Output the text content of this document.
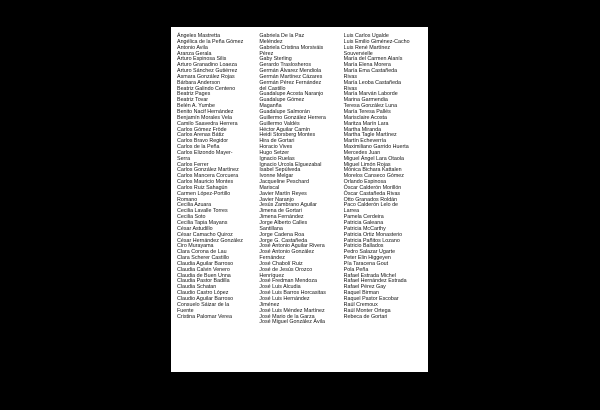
Ángeles Mastretta
Angélica de la Peña Gómez
Antonio Avila
Aranza Gerala
Arturo Espinosa Silis
Arturo Granadino Loaeza
Arturo Sánchez Gutiérrez
Asmara González Rojas
Bárbara Anderson
Beatriz Galindo Centeno
Beatriz Pages
Beatriz Tovar
Belén A. Yumbe
Benito Nacif Hernández
Benjamín Morales Vela
Camilo Saavedra Herrera
Carlos Gómez Fröde
Carlos Arenas Bátiz
Carlos Bravo Regidor
Carlos de la Peña
Carlos Elizondo Mayer-
Serra
Carlos Ferrer
Carlos González Martínez
Carlos Mancera Corcuera
Carlos Mauricio Montes
Carlos Ruiz Sahagún
Carmen López-Portillo
Romano
Cecilia Azuara
Cecilia Lavalle Torres
Cecilia Soto
Cecilia Tapia Mayans
César Astudillo
César Camacho Quiroz
César Hernández González
Ciro Murayama
Clara Corona de Lau
Clara Scherer Castillo
Claudia Aguilar Barroso
Claudia Calvin Venero
Claudia de Buen Unna
Claudia Pastor Badilla
Claudia Schatan
Claudio Castro López
Claudio Aguilar Barroso
Consuelo Sáizar de la
Fuente
Cristina Palomar Verea
Gabriela De la Paz
Meléndez
Gabriela Cristina Morsiváis
Pérez
Gaby Sterling
Gerardo Traslosheros
Germán Álvarez Mendiola
Germán Martínez Cázares
Germán Pérez Fernández
del Castillo
Guadalupe Acosta Naranjo
Guadalupe Gómez
Maganña
Guadalupe Salmorán
Guillermo González Herrera
Guillermo Valdés
Héctor Aguilar Camín
Heidi Storsberg Montes
Hira de Gortari
Horacio Vives
Hugo Setzer
Ignacio Ruelas
Ignacio Urcola Elguezabal
Isabel Sepúlveda
Ivonne Melgar
Jacqueline Peschard
Mariscal
Javier Martín Reyes
Javier Naranjo
Jesús Zambrano Aguilar
Jimena de Gortari
Jimena Fernández
Jorge Alberto Calles
Santillana
Jorge Cadena Roa
Jorge G. Castañeda
José Antonio Aguilar Rivera
José Antonio González
Fernández
José Chabolí Ruiz
José de Jesús Orozco
Henríquez
José Fredman Mendoza
José Luis Alcudia
José Luis Barros Horcasitas
José Luis Hernández
Jiménez
José Luis Méndez Martínez
José Mario de la Garza
José Miguel González Ávila
Luis Carlos Ugalde
Luis Emilio Giménez-Cacho
Luis René Martínez
Souvervielle
María del Carmen Alanís
María Elena Morera
María Ema Castañeda
Rivas
María Leoba Castañeda
Rivas
María Marván Laborde
Marina Garmendia
Teresa González Luna
María Teresa Pallés
Marisclaire Acosta
Maritza Marín Lara
Martha Miranda
Martha Tagle Martínez
Martín Echeverría
Maximiliano Garrido Huerta
Mercedes Juan
Miguel Ángel Lara Otaola
Miguel Limón Rojas
Mónica Bichara Kattalen
Morelos Canseco Gómez
Orlando Espinosa
Óscar Calderón Morillón
Óscar Castañeda Rivas
Otto Granados Roldán
Paco Calderón Lelo de
Larrea
Pamela Cerdeira
Patricia Galeana
Patricia McCarthy
Patricia Ortiz Monasterio
Patricia Pañitos Lozano
Patricio Ballados
Pedro Salazar Ugarte
Peter Elin Higgeyen
Pía Taracena Gout
Pola Peña
Rafael Estrada Michel
Rafael Hernández Estrada
Rafael Pérez Gay
Raquel Birman
Raquel Pastor Escobar
Raúl Cremoux
Raúl Monter Ortega
Rebeca de Gortari
